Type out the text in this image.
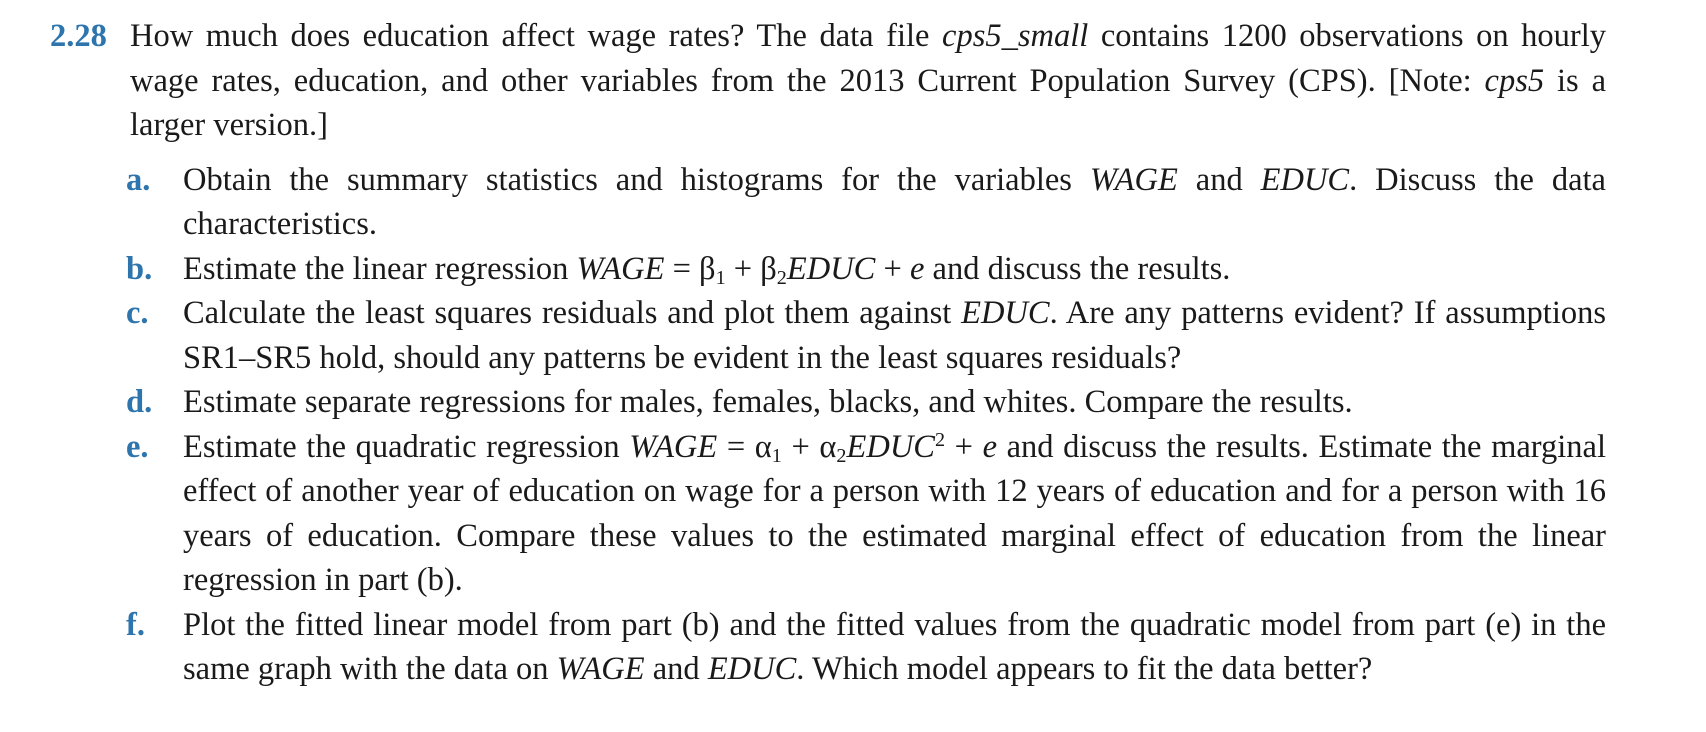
2.28 How much does education affect wage rates? The data file cps5_small contains 1200 observations on hourly wage rates, education, and other variables from the 2013 Current Population Survey (CPS). [Note: cps5 is a larger version.]
a.	Obtain the summary statistics and histograms for the variables WAGE and EDUC. Discuss the data characteristics.
b. Estimate the linear regression WAGE = $\beta_1$ + $\beta_2EDUC + e$ and discuss the results.
c.	Calculate the least squares residuals and plot them against EDUC. Are any patterns evident? If assumptions SR1–SR5 hold, should any patterns be evident in the least squares residuals?
d. Estimate separate regressions for males, females, blacks, and whites. Compare the results.
e.	Estimate the quadratic regression WAGE = $\alpha_1$ + $\alpha_2EDUC^2 + e$ and discuss the results. Estimate the marginal effect of another year of education on wage for a person with 12 years of education and for a person with 16 years of education. Compare these values to the estimated marginal effect of education from the linear regression in part (b).
f.	Plot the fitted linear model from part (b) and the fitted values from the quadratic model from part (e) in the same graph with the data on WAGE and EDUC. Which model appears to fit the data better?
